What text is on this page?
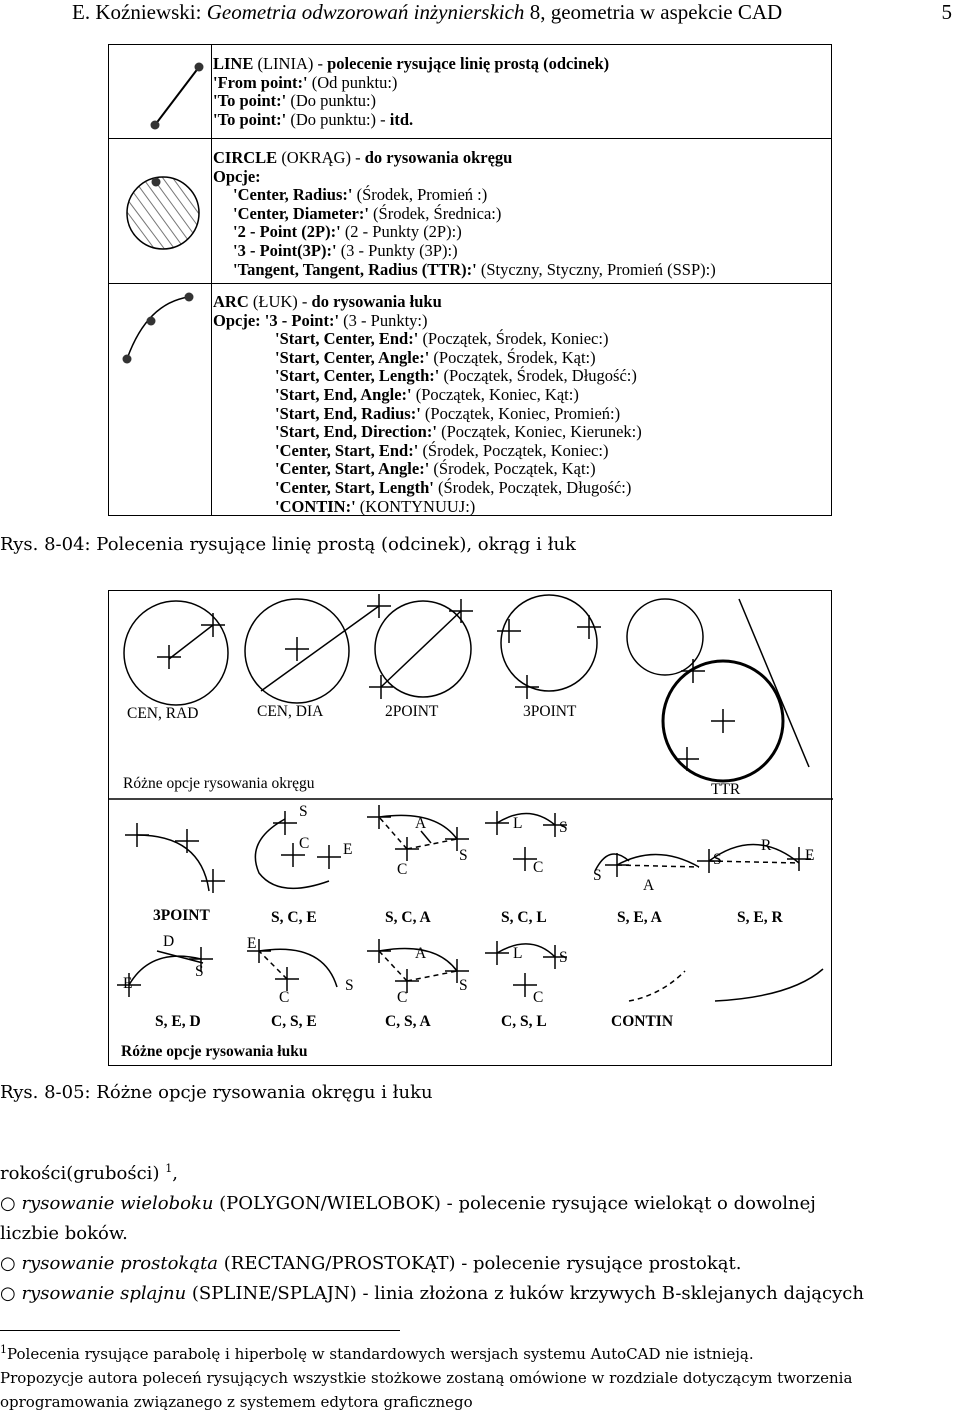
E. Koźniewski: Geometria odwzorowań inżynierskich 8, geometria w aspekcie CAD	5
LINE (LINIA) - polecenie rysujące linię prostą (odcinek)
'From point:' (Od punktu:)
'To point:' (Do punktu:)
'To point:' (Do punktu:) - itd.
CIRCLE (OKRĄG) - do rysowania okręgu
Opcje:
'Center, Radius:' (Środek, Promień :)
'Center, Diameter:' (Środek, Średnica:)
'2 - Point (2P):' (2 - Punkty (2P):)
'3 - Point(3P):' (3 - Punkty (3P):)
'Tangent, Tangent, Radius (TTR):' (Styczny, Styczny, Promień (SSP):)
ARC (ŁUK) - do rysowania łuku
Opcje: '3 - Point:' (3 - Punkty:)
'Start, Center, End:' (Początek, Środek, Koniec:)
'Start, Center, Angle:' (Początek, Środek, Kąt:)
'Start, Center, Length:' (Początek, Środek, Długość:)
'Start, End, Angle:' (Początek, Koniec, Kąt:)
'Start, End, Radius:' (Początek, Koniec, Promień:)
'Start, End, Direction:' (Początek, Koniec, Kierunek:)
'Center, Start, End:' (Środek, Początek, Koniec:)
'Center, Start, Angle:' (Środek, Początek, Kąt:)
'Center, Start, Length' (Środek, Początek, Długość:)
'CONTIN:' (KONTYNUUJ:)
Rys. 8-04: Polecenia rysujące linię prostą (odcinek), okrąg i łuk
CEN, RAD	CEN, DIA	2POINT	3POINT
TTR
Różne opcje rysowania okręgu
S
C E
A
C
S
L S
C	S
A
S
R
E
3POINT	S, C, E	S, C, A	S, C, L	S, E, A	S, E, R
D
S
E
E
C
S
A
C
S
L S
C
S, E, D	C, S, E	C, S, A	C, S, L	CONTIN
Różne opcje rysowania łuku
Rys. 8-05: Różne opcje rysowania okręgu i łuku
rokości(grubości) $^1$,
○ rysowanie wieloboku (POLYGON/WIELOBOK) - polecenie rysujące wielokąt o dowolnej
liczbie boków.
○ rysowanie prostokąta (RECTANG/PROSTOKĄT) - polecenie rysujące prostokąt.
○ rysowanie splajnu (SPLINE/SPLAJN) - linia złożona z łuków krzywych B-sklejanych dających
$^1$Polecenia rysujące parabolę i hiperbolę w standardowych wersjach systemu AutoCAD nie istnieją.
Propozycje autora poleceń rysujących wszystkie stożkowe zostaną omówione w rozdziale dotyczącym tworzenia
oprogramowania związanego z systemem edytora graficznego
